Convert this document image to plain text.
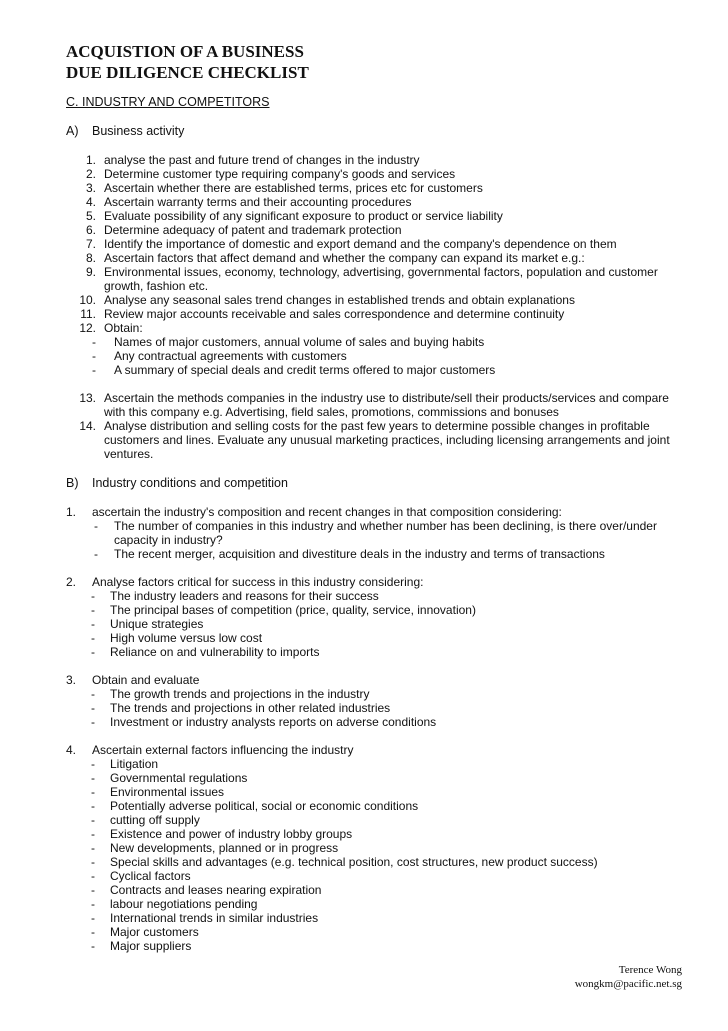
ACQUISTION OF A BUSINESS
DUE DILIGENCE CHECKLIST
C. INDUSTRY AND COMPETITORS
A) Business activity
1. analyse the past and future trend of changes in the industry
2. Determine customer type requiring company's goods and services
3. Ascertain whether there are established terms, prices etc for customers
4. Ascertain warranty terms and their accounting procedures
5. Evaluate possibility of any significant exposure to product or service liability
6. Determine adequacy of patent and trademark protection
7. Identify the importance of domestic and export demand and the company's dependence on them
8. Ascertain factors that affect demand and whether the company can expand its market e.g.:
9. Environmental issues, economy, technology, advertising, governmental factors, population and customer
growth, fashion etc.
10. Analyse any seasonal sales trend changes in established trends and obtain explanations
11. Review major accounts receivable and sales correspondence and determine continuity
12. Obtain:
- Names of major customers, annual volume of sales and buying habits
- Any contractual agreements with customers
- A summary of special deals and credit terms offered to major customers
13. Ascertain the methods companies in the industry use to distribute/sell their products/services and compare
with this company e.g. Advertising, field sales, promotions, commissions and bonuses
14. Analyse distribution and selling costs for the past few years to determine possible changes in profitable
customers and lines. Evaluate any unusual marketing practices, including licensing arrangements and joint
ventures.
B) Industry conditions and competition
1. ascertain the industry's composition and recent changes in that composition considering:
- The number of companies in this industry and whether number has been declining, is there over/under
capacity in industry?
- The recent merger, acquisition and divestiture deals in the industry and terms of transactions
2. Analyse factors critical for success in this industry considering:
- The industry leaders and reasons for their success
- The principal bases of competition (price, quality, service, innovation)
- Unique strategies
- High volume versus low cost
- Reliance on and vulnerability to imports
3. Obtain and evaluate
- The growth trends and projections in the industry
- The trends and projections in other related industries
- Investment or industry analysts reports on adverse conditions
4. Ascertain external factors influencing the industry
- Litigation
- Governmental regulations
- Environmental issues
- Potentially adverse political, social or economic conditions
- cutting off supply
- Existence and power of industry lobby groups
- New developments, planned or in progress
- Special skills and advantages (e.g. technical position, cost structures, new product success)
- Cyclical factors
- Contracts and leases nearing expiration
- labour negotiations pending
- International trends in similar industries
- Major customers
- Major suppliers
Terence Wong
wongkm@pacific.net.sg
